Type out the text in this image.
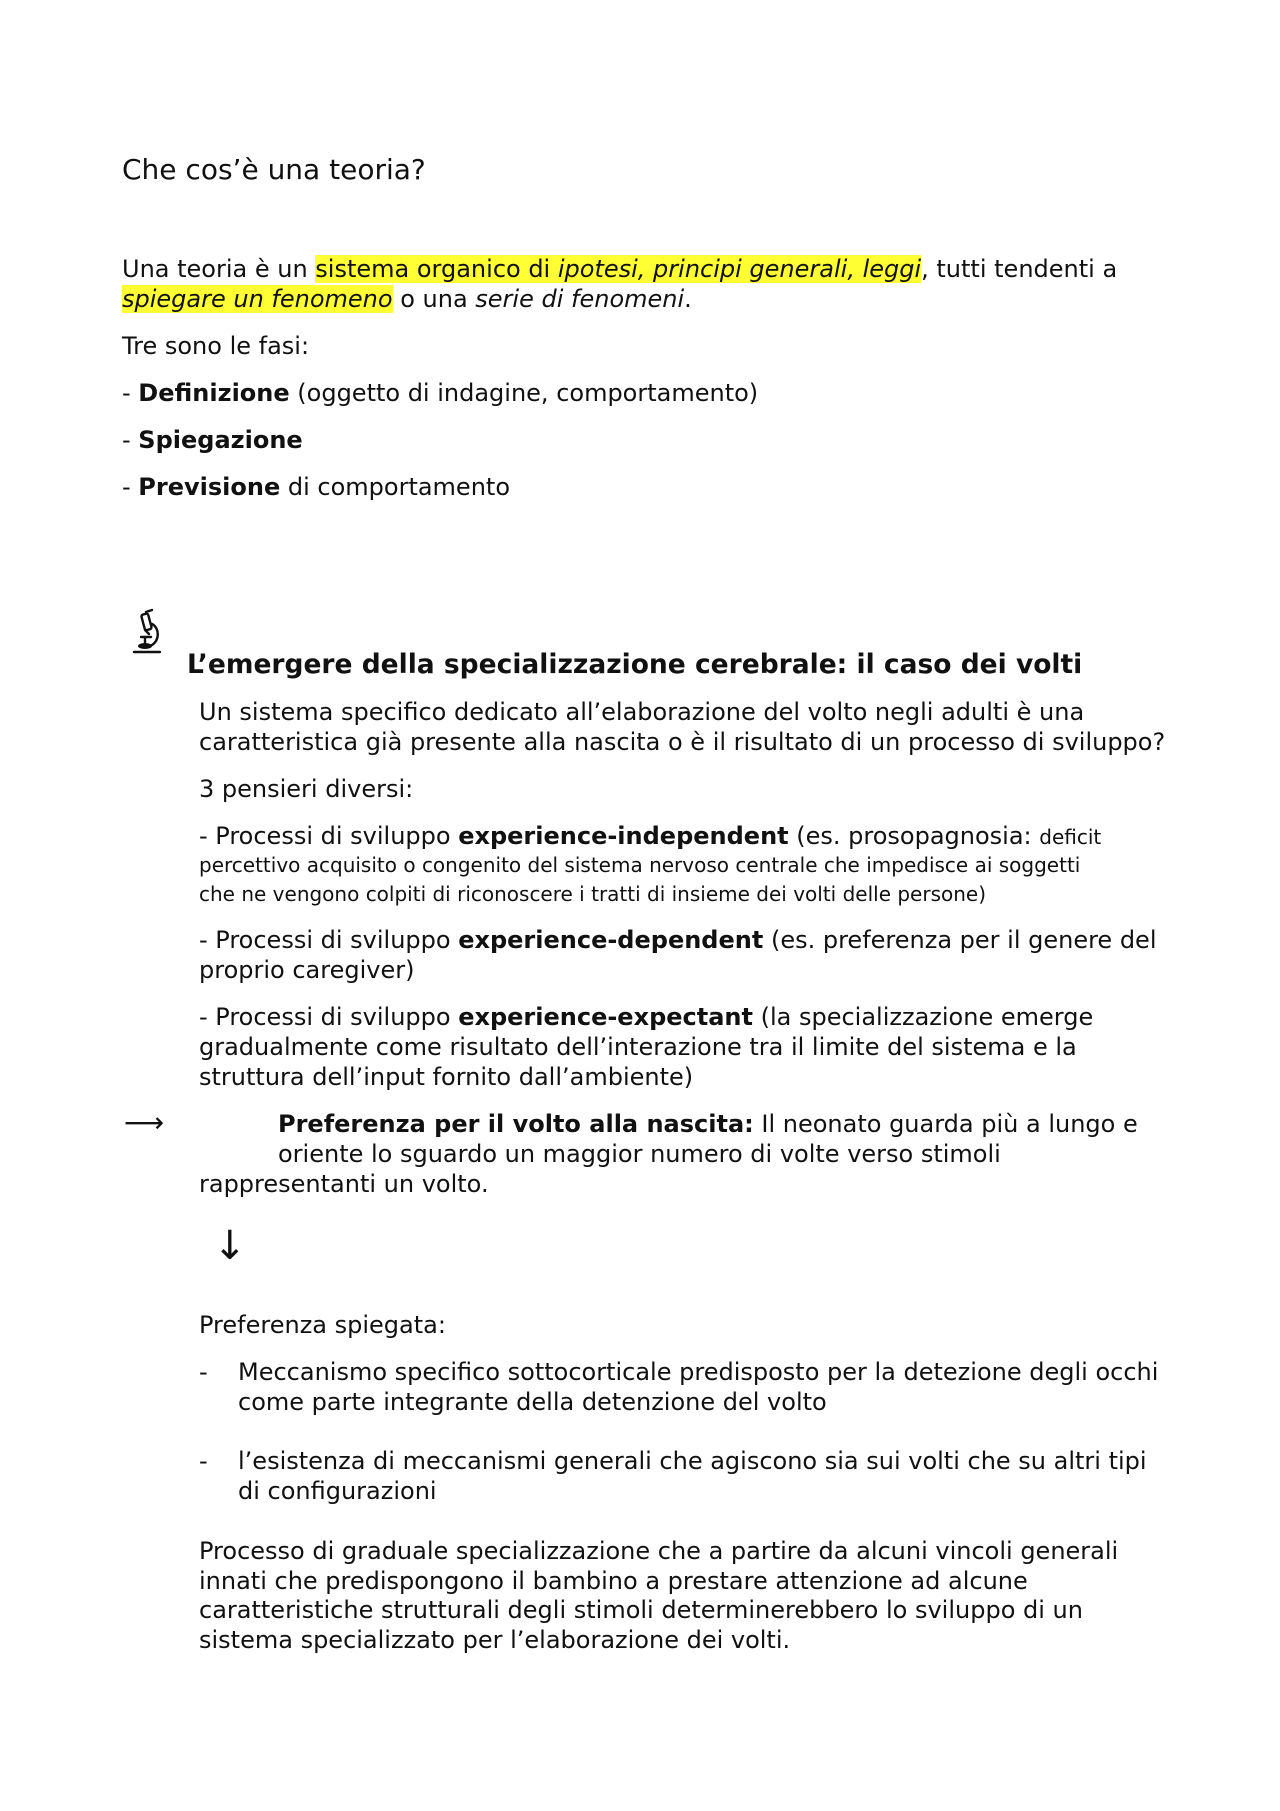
Che cos’è una teoria?
Una teoria è un sistema organico di ipotesi, principi generali, leggi, tutti tendenti a
spiegare un fenomeno o una serie di fenomeni.
Tre sono le fasi:
- Definizione (oggetto di indagine, comportamento)
- Spiegazione
- Previsione di comportamento
L’emergere della specializzazione cerebrale: il caso dei volti
Un sistema specifico dedicato all’elaborazione del volto negli adulti è una
caratteristica già presente alla nascita o è il risultato di un processo di sviluppo?
3 pensieri diversi:
- Processi di sviluppo experience-independent (es. prosopagnosia: deficit
percettivo acquisito o congenito del sistema nervoso centrale che impedisce ai soggetti
che ne vengono colpiti di riconoscere i tratti di insieme dei volti delle persone)
- Processi di sviluppo experience-dependent (es. preferenza per il genere del
proprio caregiver)
- Processi di sviluppo experience-expectant (la specializzazione emerge
gradualmente come risultato dell’interazione tra il limite del sistema e la
struttura dell’input fornito dall’ambiente)
⟶	Preferenza per il volto alla nascita: Il neonato guarda più a lungo e
oriente lo sguardo un maggior numero di volte verso stimoli
rappresentanti un volto.
↓
Preferenza spiegata:
- Meccanismo specifico sottocorticale predisposto per la detezione degli occhi
come parte integrante della detenzione del volto
- l’esistenza di meccanismi generali che agiscono sia sui volti che su altri tipi
di configurazioni
Processo di graduale specializzazione che a partire da alcuni vincoli generali
innati che predispongono il bambino a prestare attenzione ad alcune
caratteristiche strutturali degli stimoli determinerebbero lo sviluppo di un
sistema specializzato per l’elaborazione dei volti.
